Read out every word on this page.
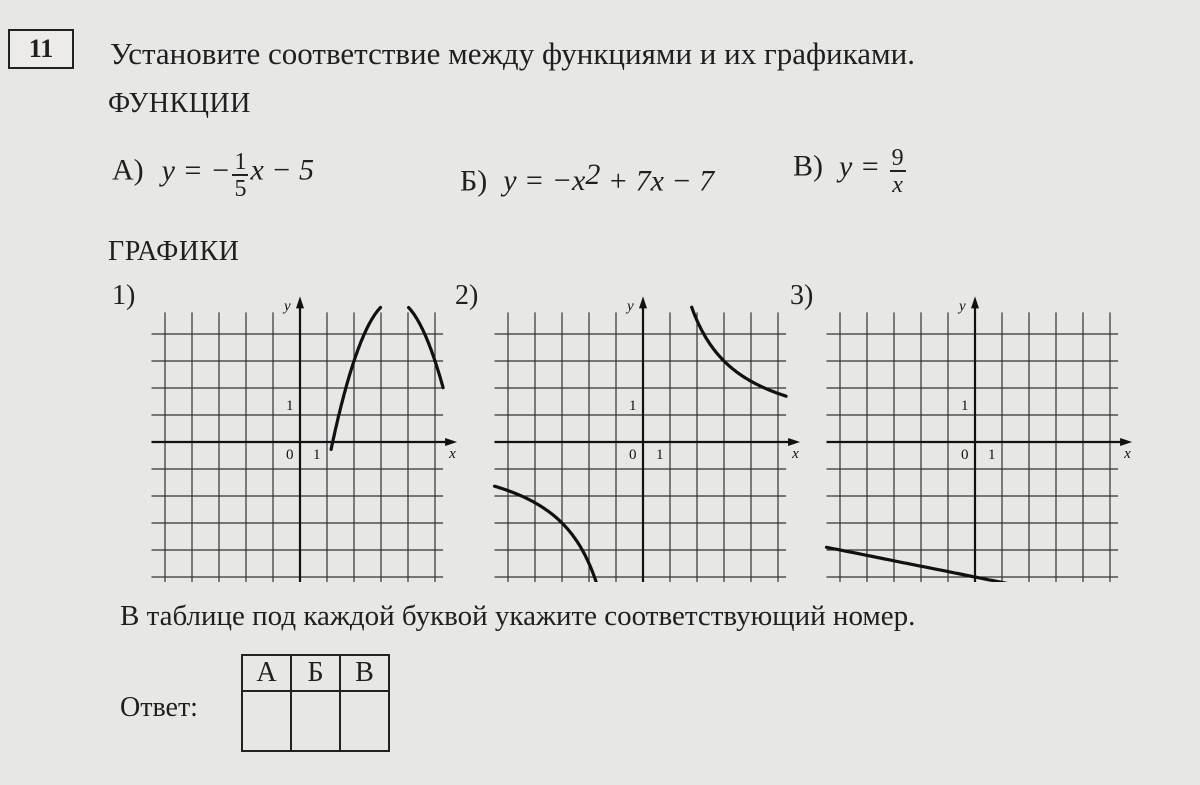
11	Установите соответствие между функциями и их графиками.
ФУНКЦИИ
А) y = − $\frac{1}{5}$ x − 5	Б) $y = -x^2 + 7x - 7$	В) $y = \frac{9}{x}$
ГРАФИКИ
1)	2)	3)
x
y
0 1
1
x
y
0 1
1
x
y
0 1
1
В таблице под каждой буквой укажите соответствующий номер.
Ответ:
А	Б	В
